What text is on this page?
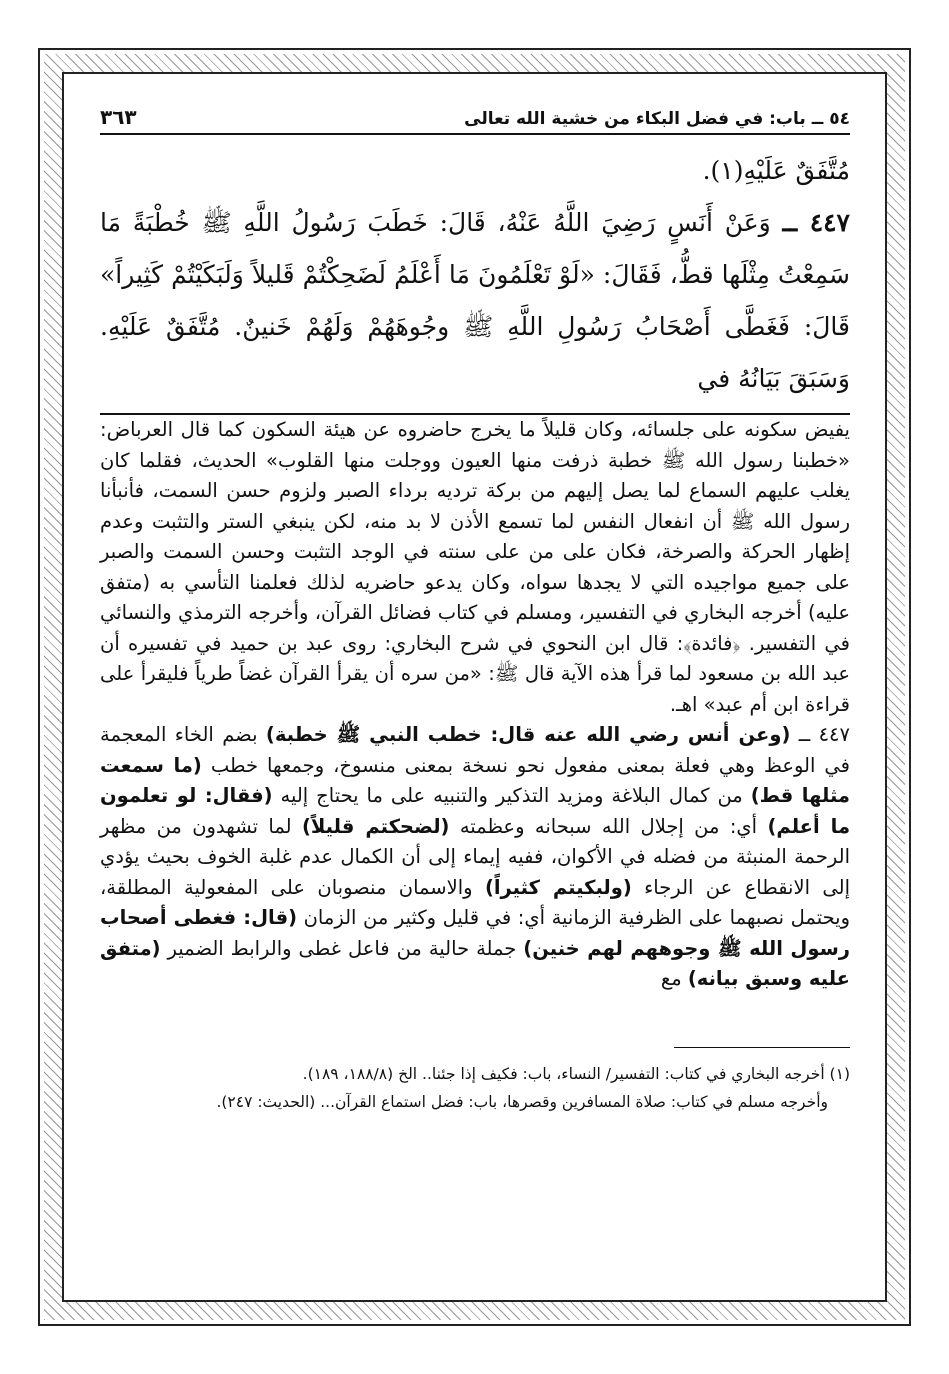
٥٤ ــ باب: في فضل البكاء من خشية الله تعالى
٣٦٣
مُتَّفَقٌ عَلَيْهِ(١).
٤٤٧ ــ وَعَنْ أَنَسٍ رَضِيَ اللَّهُ عَنْهُ، قَالَ: خَطَبَ رَسُولُ اللَّهِ ﷺ خُطْبَةً مَا سَمِعْتُ مِثْلَها قطُّ، فَقَالَ: «لَوْ تَعْلَمُونَ مَا أَعْلَمُ لَضَحِكْتُمْ قَليلاً وَلَبَكَيْتُمْ كَثِيراً» قَالَ: فَغَطَّى أَصْحَابُ رَسُولِ اللَّهِ ﷺ وجُوهَهُمْ وَلَهُمْ خَنينٌ. مُتَّفَقٌ عَلَيْهِ. وَسَبَقَ بَيَانُهُ في

يفيض سكونه على جلسائه، وكان قليلاً ما يخرج حاضروه عن هيئة السكون كما قال العرباض: «خطبنا رسول الله ﷺ خطبة ذرفت منها العيون ووجلت منها القلوب» الحديث، فقلما كان يغلب عليهم السماع لما يصل إليهم من بركة ترديه برداء الصبر ولزوم حسن السمت، فأنبأنا رسول الله ﷺ أن انفعال النفس لما تسمع الأذن لا بد منه، لكن ينبغي الستر والتثبت وعدم إظهار الحركة والصرخة، فكان على من على سنته في الوجد التثبت وحسن السمت والصبر على جميع مواجيده التي لا يجدها سواه، وكان يدعو حاضريه لذلك فعلمنا التأسي به (متفق عليه) أخرجه البخاري في التفسير، ومسلم في كتاب فضائل القرآن، وأخرجه الترمذي والنسائي في التفسير. ﴿فائدة﴾: قال ابن النحوي في شرح البخاري: روى عبد بن حميد في تفسيره أن عبد الله بن مسعود لما قرأ هذه الآية قال ﷺ: «من سره أن يقرأ القرآن غضاً طرياً فليقرأ على قراءة ابن أم عبد» اهـ.

٤٤٧ ــ (وعن أنس رضي الله عنه قال: خطب النبي ﷺ خطبة) بضم الخاء المعجمة في الوعظ وهي فعلة بمعنى مفعول نحو نسخة بمعنى منسوخ، وجمعها خطب (ما سمعت مثلها قط) من كمال البلاغة ومزيد التذكير والتنبيه على ما يحتاج إليه (فقال: لو تعلمون ما أعلم) أي: من إجلال الله سبحانه وعظمته (لضحكتم قليلاً) لما تشهدون من مظهر الرحمة المنبثة من فضله في الأكوان، ففيه إيماء إلى أن الكمال عدم غلبة الخوف بحيث يؤدي إلى الانقطاع عن الرجاء (ولبكيتم كثيراً) والاسمان منصوبان على المفعولية المطلقة، ويحتمل نصبهما على الظرفية الزمانية أي: في قليل وكثير من الزمان (قال: فغطى أصحاب رسول الله ﷺ وجوههم لهم خنين) جملة حالية من فاعل غطى والرابط الضمير (متفق عليه وسبق بيانه) مع

(١) أخرجه البخاري في كتاب: التفسير/ النساء، باب: فكيف إذا جئنا.. الخ (١٨٨/٨، ١٨٩).

وأخرجه مسلم في كتاب: صلاة المسافرين وقصرها، باب: فضل استماع القرآن... (الحديث: ٢٤٧).
